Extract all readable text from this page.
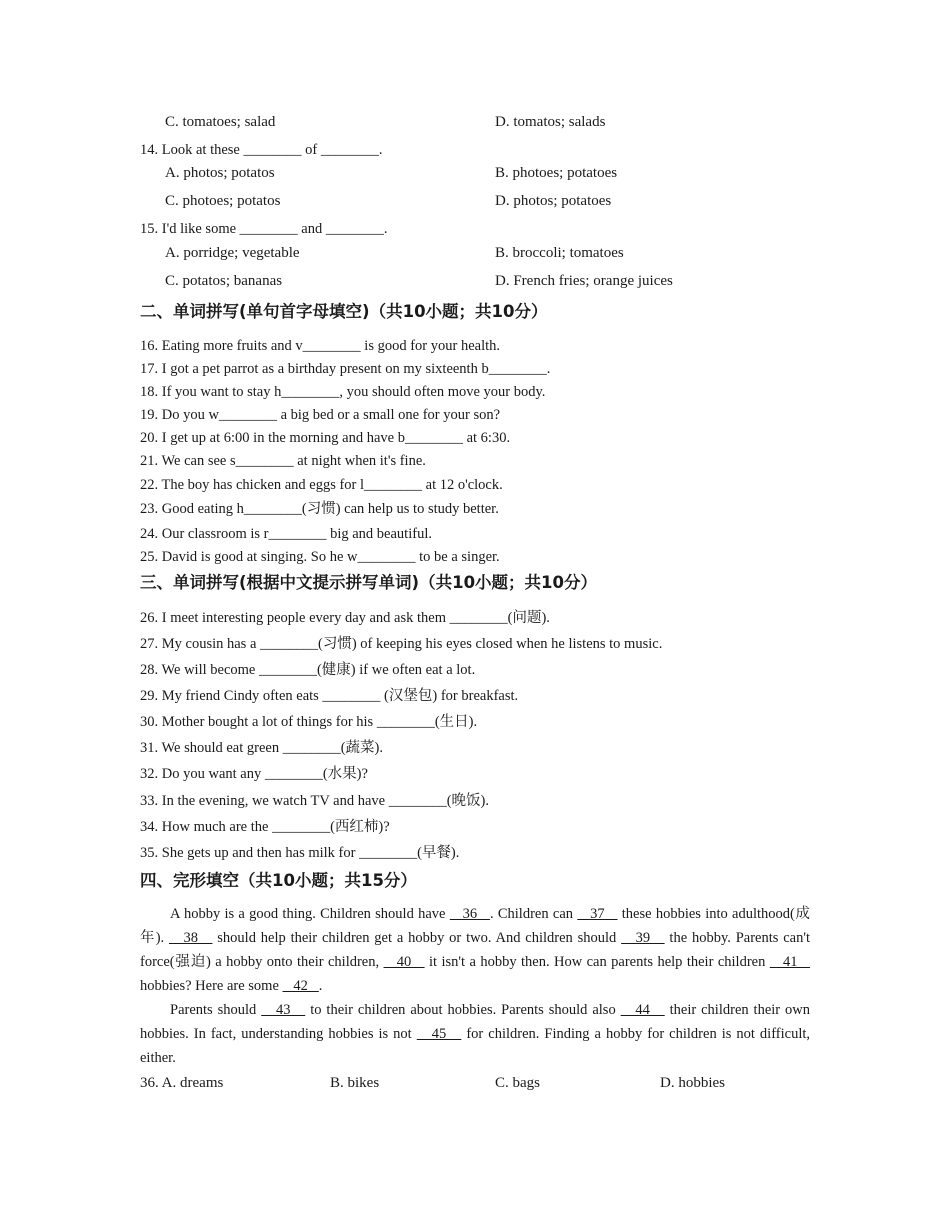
C. tomatoes; salad	D. tomatos; salads
14. Look at these ________ of ________.
A. photos; potatos	B. photoes; potatoes
C. photoes; potatos	D. photos; potatoes
15. I'd like some ________ and ________.
A. porridge; vegetable	B. broccoli; tomatoes
C. potatos; bananas	D. French fries; orange juices
二、单词拼写(单句首字母填空)（共10小题；共10分）
16. Eating more fruits and v________ is good for your health.
17. I got a pet parrot as a birthday present on my sixteenth b________.
18. If you want to stay h________, you should often move your body.
19. Do you w________ a big bed or a small one for your son?
20. I get up at 6:00 in the morning and have b________ at 6:30.
21. We can see s________ at night when it's fine.
22. The boy has chicken and eggs for l________ at 12 o'clock.
23. Good eating h________(习惯) can help us to study better.
24. Our classroom is r________ big and beautiful.
25. David is good at singing. So he w________ to be a singer.
三、单词拼写(根据中文提示拼写单词)（共10小题；共10分）
26. I meet interesting people every day and ask them ________(问题).
27. My cousin has a ________(习惯) of keeping his eyes closed when he listens to music.
28. We will become ________(健康) if we often eat a lot.
29. My friend Cindy often eats ________ (汉堡包) for breakfast.
30. Mother bought a lot of things for his ________(生日).
31. We should eat green ________(蔬菜).
32. Do you want any ________(水果)?
33. In the evening, we watch TV and have ________(晚饭).
34. How much are the ________(西红柿)?
35. She gets up and then has milk for ________(早餐).
四、完形填空（共10小题；共15分）

A hobby is a good thing. Children should have    36   . Children can    37    these hobbies into adulthood(成年).    38    should help their children get a hobby or two. And children should    39    the hobby. Parents can't force(强迫) a hobby onto their children,    40    it isn't a hobby then. How can parents help their children    41    hobbies? Here are some    42   .

Parents should    43    to their children about hobbies. Parents should also    44    their children their own hobbies. In fact, understanding hobbies is not    45    for children. Finding a hobby for children is not difficult, either.

36. A. dreams	B. bikes	C. bags	D. hobbies
